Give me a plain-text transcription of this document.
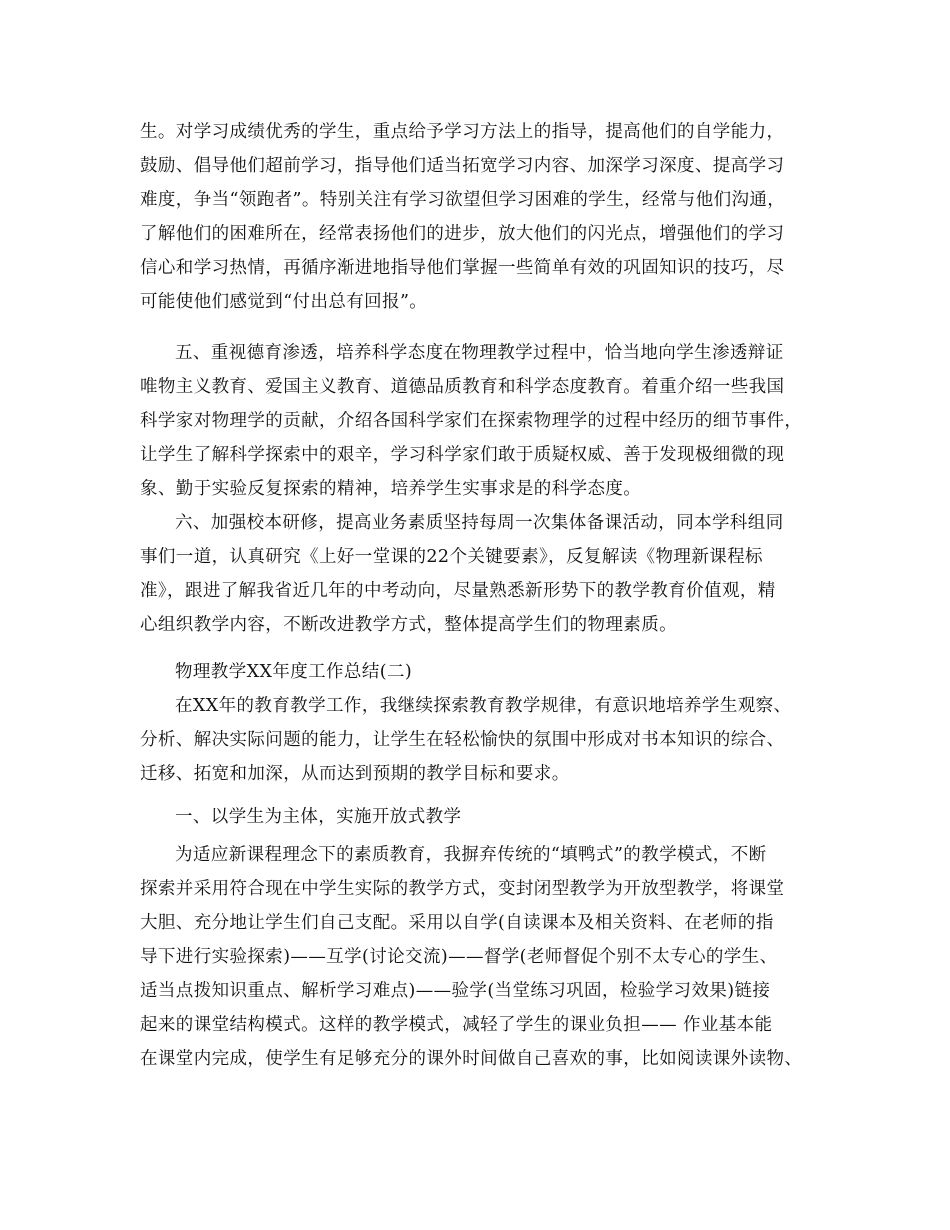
生。对学习成绩优秀的学生，重点给予学习方法上的指导，提高他们的自学能力，
鼓励、倡导他们超前学习，指导他们适当拓宽学习内容、加深学习深度、提高学习
难度，争当“领跑者”。特别关注有学习欲望但学习困难的学生，经常与他们沟通，
了解他们的困难所在，经常表扬他们的进步，放大他们的闪光点，增强他们的学习
信心和学习热情，再循序渐进地指导他们掌握一些简单有效的巩固知识的技巧，尽
可能使他们感觉到“付出总有回报”。
五、重视德育渗透，培养科学态度在物理教学过程中，恰当地向学生渗透辩证
唯物主义教育、爱国主义教育、道德品质教育和科学态度教育。着重介绍一些我国
科学家对物理学的贡献，介绍各国科学家们在探索物理学的过程中经历的细节事件，
让学生了解科学探索中的艰辛，学习科学家们敢于质疑权威、善于发现极细微的现
象、勤于实验反复探索的精神，培养学生实事求是的科学态度。
六、加强校本研修，提高业务素质坚持每周一次集体备课活动，同本学科组同
事们一道，认真研究《上好一堂课的22个关键要素》，反复解读《物理新课程标
准》，跟进了解我省近几年的中考动向，尽量熟悉新形势下的教学教育价值观，精
心组织教学内容，不断改进教学方式，整体提高学生们的物理素质。
物理教学XX年度工作总结(二)
在XX年的教育教学工作，我继续探索教育教学规律，有意识地培养学生观察、
分析、解决实际问题的能力，让学生在轻松愉快的氛围中形成对书本知识的综合、
迁移、拓宽和加深，从而达到预期的教学目标和要求。
一、以学生为主体，实施开放式教学
为适应新课程理念下的素质教育，我摒弃传统的“填鸭式”的教学模式，不断
探索并采用符合现在中学生实际的教学方式，变封闭型教学为开放型教学，将课堂
大胆、充分地让学生们自己支配。采用以自学(自读课本及相关资料、在老师的指
导下进行实验探索)——互学(讨论交流)——督学(老师督促个别不太专心的学生、
适当点拨知识重点、解析学习难点)——验学(当堂练习巩固，检验学习效果)链接
起来的课堂结构模式。这样的教学模式，减轻了学生的课业负担—— 作业基本能
在课堂内完成，使学生有足够充分的课外时间做自己喜欢的事，比如阅读课外读物、
